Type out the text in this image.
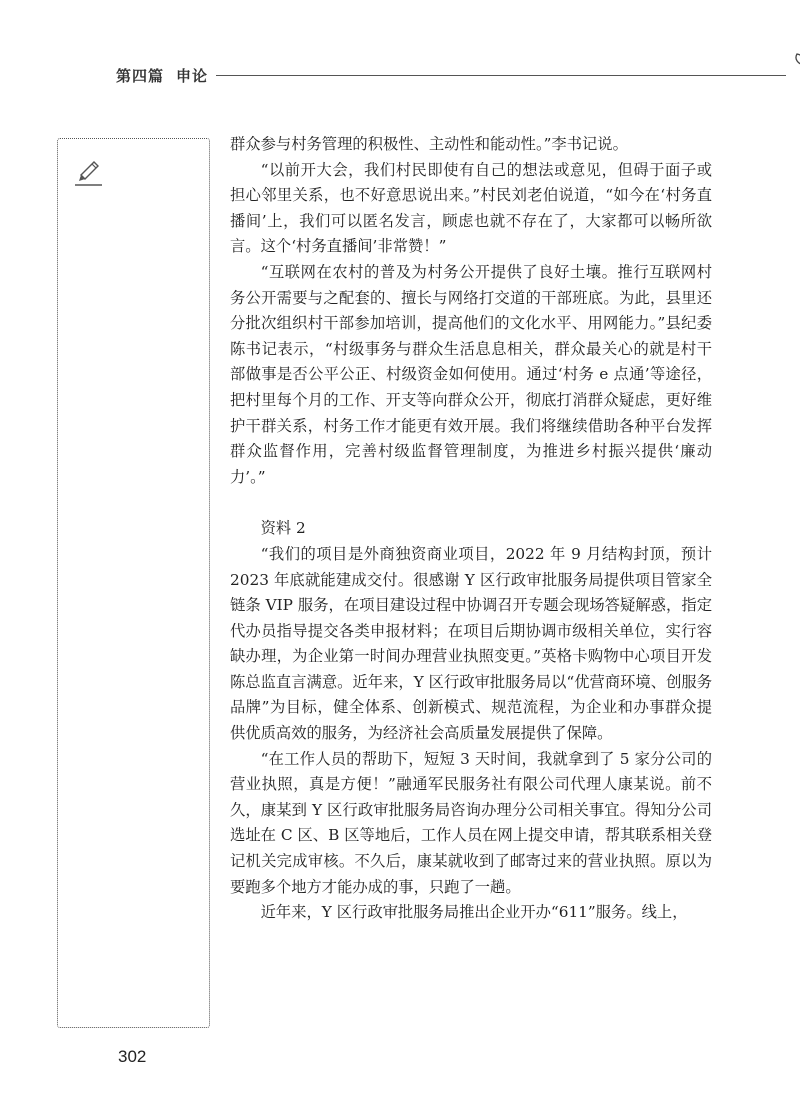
第四篇 申论

群众参与村务管理的积极性、主动性和能动性。”李书记说。

“以前开大会，我们村民即使有自己的想法或意见，但碍于面子或担心邻里关系，也不好意思说出来。”村民刘老伯说道，“如今在‘村务直播间’上，我们可以匿名发言，顾虑也就不存在了，大家都可以畅所欲言。这个‘村务直播间’非常赞！”

“互联网在农村的普及为村务公开提供了良好土壤。推行互联网村务公开需要与之配套的、擅长与网络打交道的干部班底。为此，县里还分批次组织村干部参加培训，提高他们的文化水平、用网能力。”县纪委陈书记表示，“村级事务与群众生活息息相关，群众最关心的就是村干部做事是否公平公正、村级资金如何使用。通过‘村务 e 点通’等途径，把村里每个月的工作、开支等向群众公开，彻底打消群众疑虑，更好维护干群关系，村务工作才能更有效开展。我们将继续借助各种平台发挥群众监督作用，完善村级监督管理制度，为推进乡村振兴提供‘廉动力’。”

资料 2

“我们的项目是外商独资商业项目，2022 年 9 月结构封顶，预计 2023 年底就能建成交付。很感谢 Y 区行政审批服务局提供项目管家全链条 VIP 服务，在项目建设过程中协调召开专题会现场答疑解惑，指定代办员指导提交各类申报材料；在项目后期协调市级相关单位，实行容缺办理，为企业第一时间办理营业执照变更。”英格卡购物中心项目开发陈总监直言满意。近年来，Y 区行政审批服务局以“优营商环境、创服务品牌”为目标，健全体系、创新模式、规范流程，为企业和办事群众提供优质高效的服务，为经济社会高质量发展提供了保障。

“在工作人员的帮助下，短短 3 天时间，我就拿到了 5 家分公司的营业执照，真是方便！”融通军民服务社有限公司代理人康某说。前不久，康某到 Y 区行政审批服务局咨询办理分公司相关事宜。得知分公司选址在 C 区、B 区等地后，工作人员在网上提交申请，帮其联系相关登记机关完成审核。不久后，康某就收到了邮寄过来的营业执照。原以为要跑多个地方才能办成的事，只跑了一趟。

近年来，Y 区行政审批服务局推出企业开办“611”服务。线上，

302
